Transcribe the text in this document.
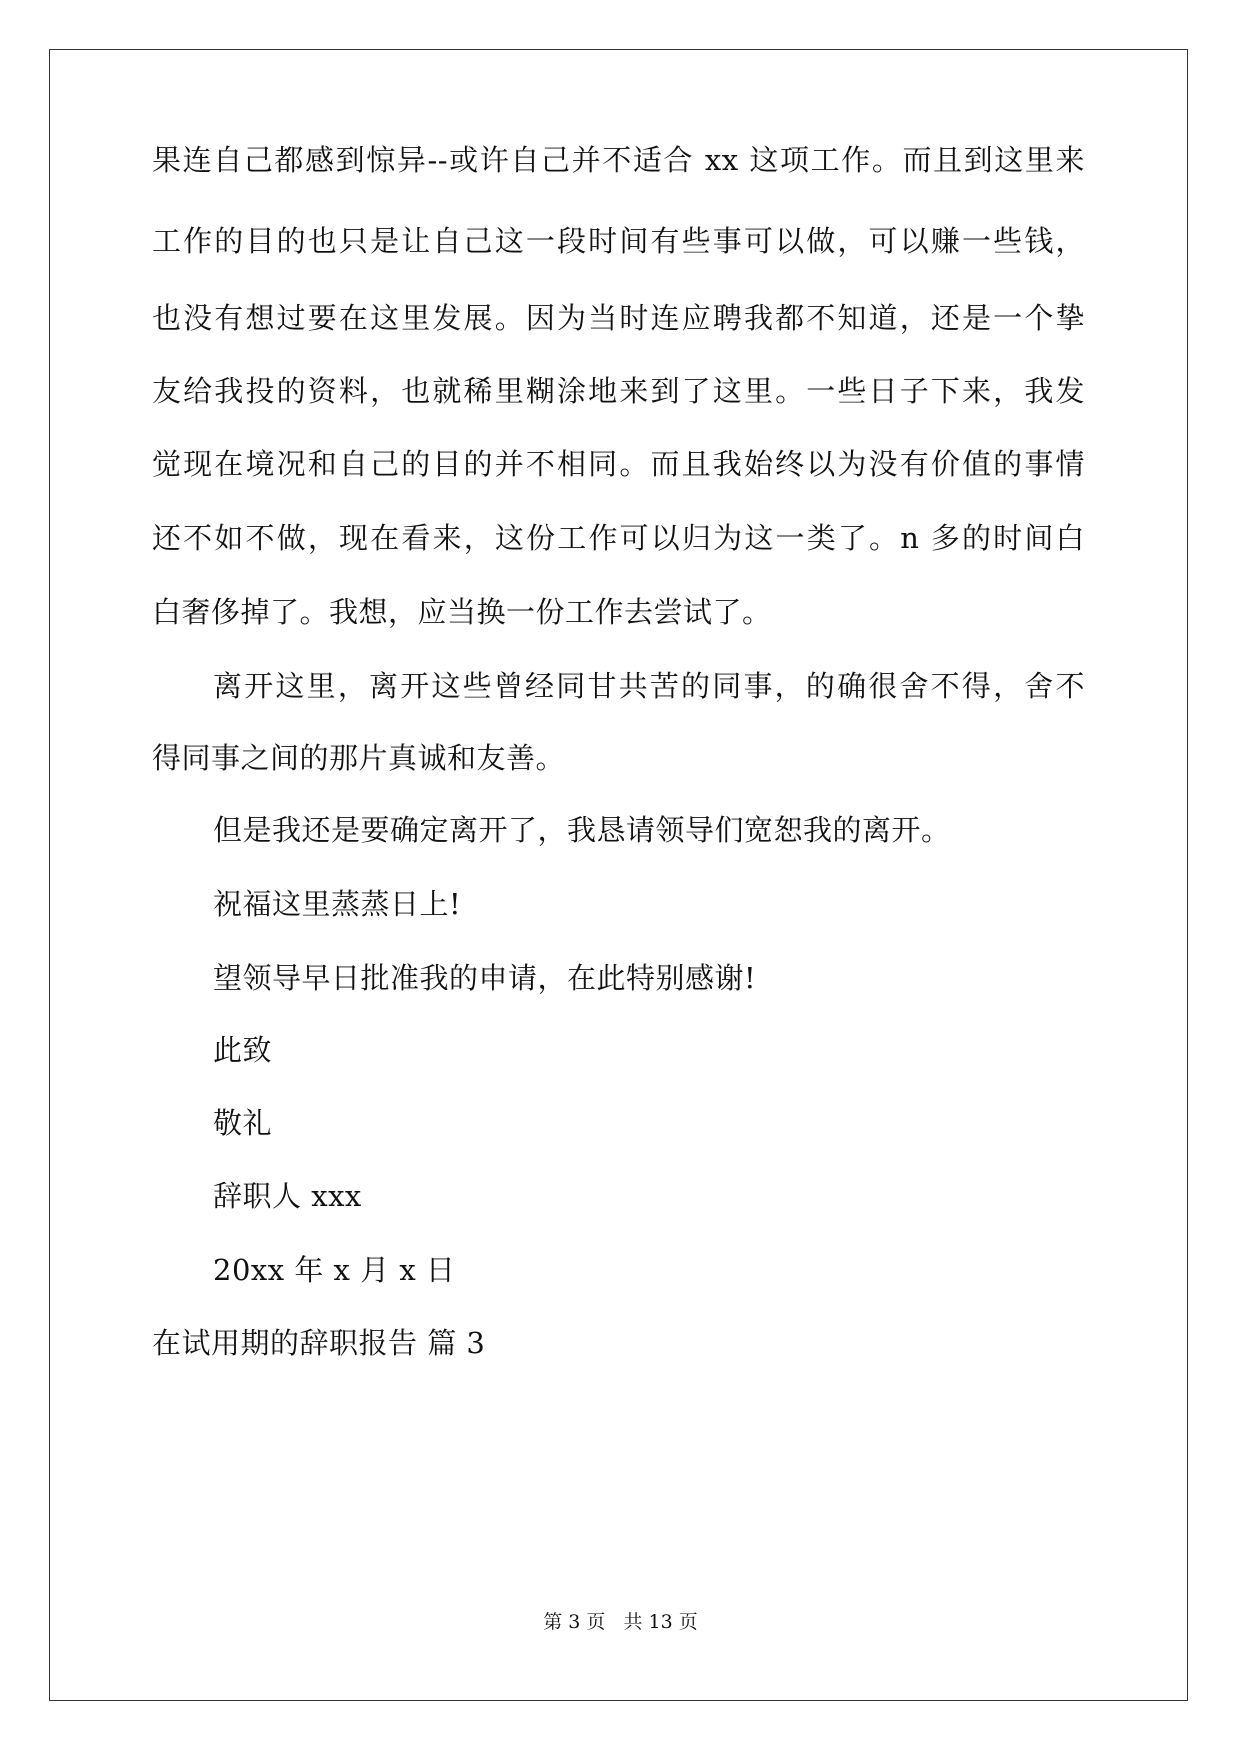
果连自己都感到惊异--或许自己并不适合 xx 这项工作。而且到这里来
工作的目的也只是让自己这一段时间有些事可以做，可以赚一些钱，
也没有想过要在这里发展。因为当时连应聘我都不知道，还是一个挚
友给我投的资料，也就稀里糊涂地来到了这里。一些日子下来，我发
觉现在境况和自己的目的并不相同。而且我始终以为没有价值的事情
还不如不做，现在看来，这份工作可以归为这一类了。n 多的时间白
白奢侈掉了。我想，应当换一份工作去尝试了。
离开这里，离开这些曾经同甘共苦的同事，的确很舍不得，舍不
得同事之间的那片真诚和友善。
但是我还是要确定离开了，我恳请领导们宽恕我的离开。
祝福这里蒸蒸日上!
望领导早日批准我的申请，在此特别感谢!
此致
敬礼
辞职人 xxx
20xx 年 x 月 x 日
在试用期的辞职报告 篇 3
第 3 页   共 13 页
